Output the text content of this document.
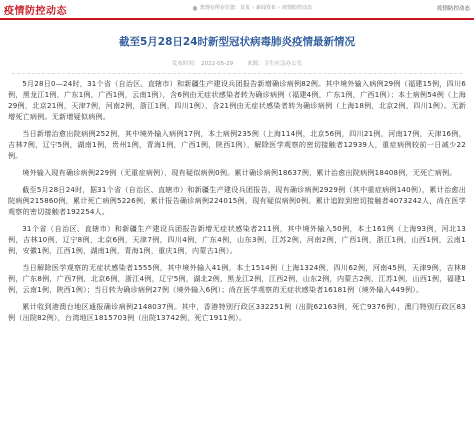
疫情防控动态	您现在所在位置： 首页 › 新闻发布 › 疫情防控动态	疫情防控动态
截至5月28日24时新型冠状病毒肺炎疫情最新情况
发布时间： 2022-05-29	来源：卫生应急办公室

5月28日0—24时，31个省（自治区、直辖市）和新疆生产建设兵团报告新增确诊病例82例。其中境外输入病例29例（福建15例，四川6例，黑龙江1例，广东1例，广西1例，云南1例），含6例由无症状感染者转为确诊病例（福建4例，广东1例，广西1例）；本土病例54例（上海29例，北京21例，天津7例，河南2例，浙江1例，四川1例），含21例由无症状感染者转为确诊病例（上海18例，北京2例，四川1例）。无新增死亡病例。无新增疑似病例。

当日新增治愈出院病例252例，其中境外输入病例17例，本土病例235例（上海114例，北京56例，四川21例，河南17例，天津16例，吉林7例，辽宁5例，湖南1例，贵州1例，青海1例，广西1例，陕西1例），解除医学观察的密切接触者12939人，重症病例较前一日减少22例。

境外输入现有确诊病例229例（无重症病例），现有疑似病例0例。累计确诊病例18637例，累计治愈出院病例18408例，无死亡病例。

截至5月28日24时，据31个省（自治区、直辖市）和新疆生产建设兵团报告，现有确诊病例2929例（其中重症病例140例），累计治愈出院病例215860例，累计死亡病例5226例，累计报告确诊病例224015例，现有疑似病例0例。累计追踪到密切接触者4073242人，尚在医学观察的密切接触者192254人。

31个省（自治区、直辖市）和新疆生产建设兵团报告新增无症状感染者211例，其中境外输入50例，本土161例（上海93例，河北13例，吉林10例，辽宁8例，北京6例，天津7例，四川4例，广东4例，山东3例，江苏2例，河南2例，广西1例，浙江1例，山西1例，云南1例，安徽1例，江西1例，湖南1例，青海1例，重庆1例，内蒙古1例）。

当日解除医学观察的无症状感染者1555例，其中境外输入41例，本土1514例（上海1324例，四川62例，河南45例，天津9例，吉林8例，广东8例，广西7例，北京6例，浙江4例，辽宁5例，湖北2例，黑龙江2例，江西2例，山东2例，内蒙古2例，江苏1例，山西1例，福建1例，云南1例，陕西1例）；当日转为确诊病例27例（境外输入6例）；尚在医学观察的无症状感染者16181例（境外输入449例）。

累计收到港澳台地区通报确诊病例2148037例。其中，香港特别行政区332251例（出院62163例，死亡9376例），澳门特别行政区83例（出院82例），台湾地区1815703例（出院13742例，死亡1911例）。
